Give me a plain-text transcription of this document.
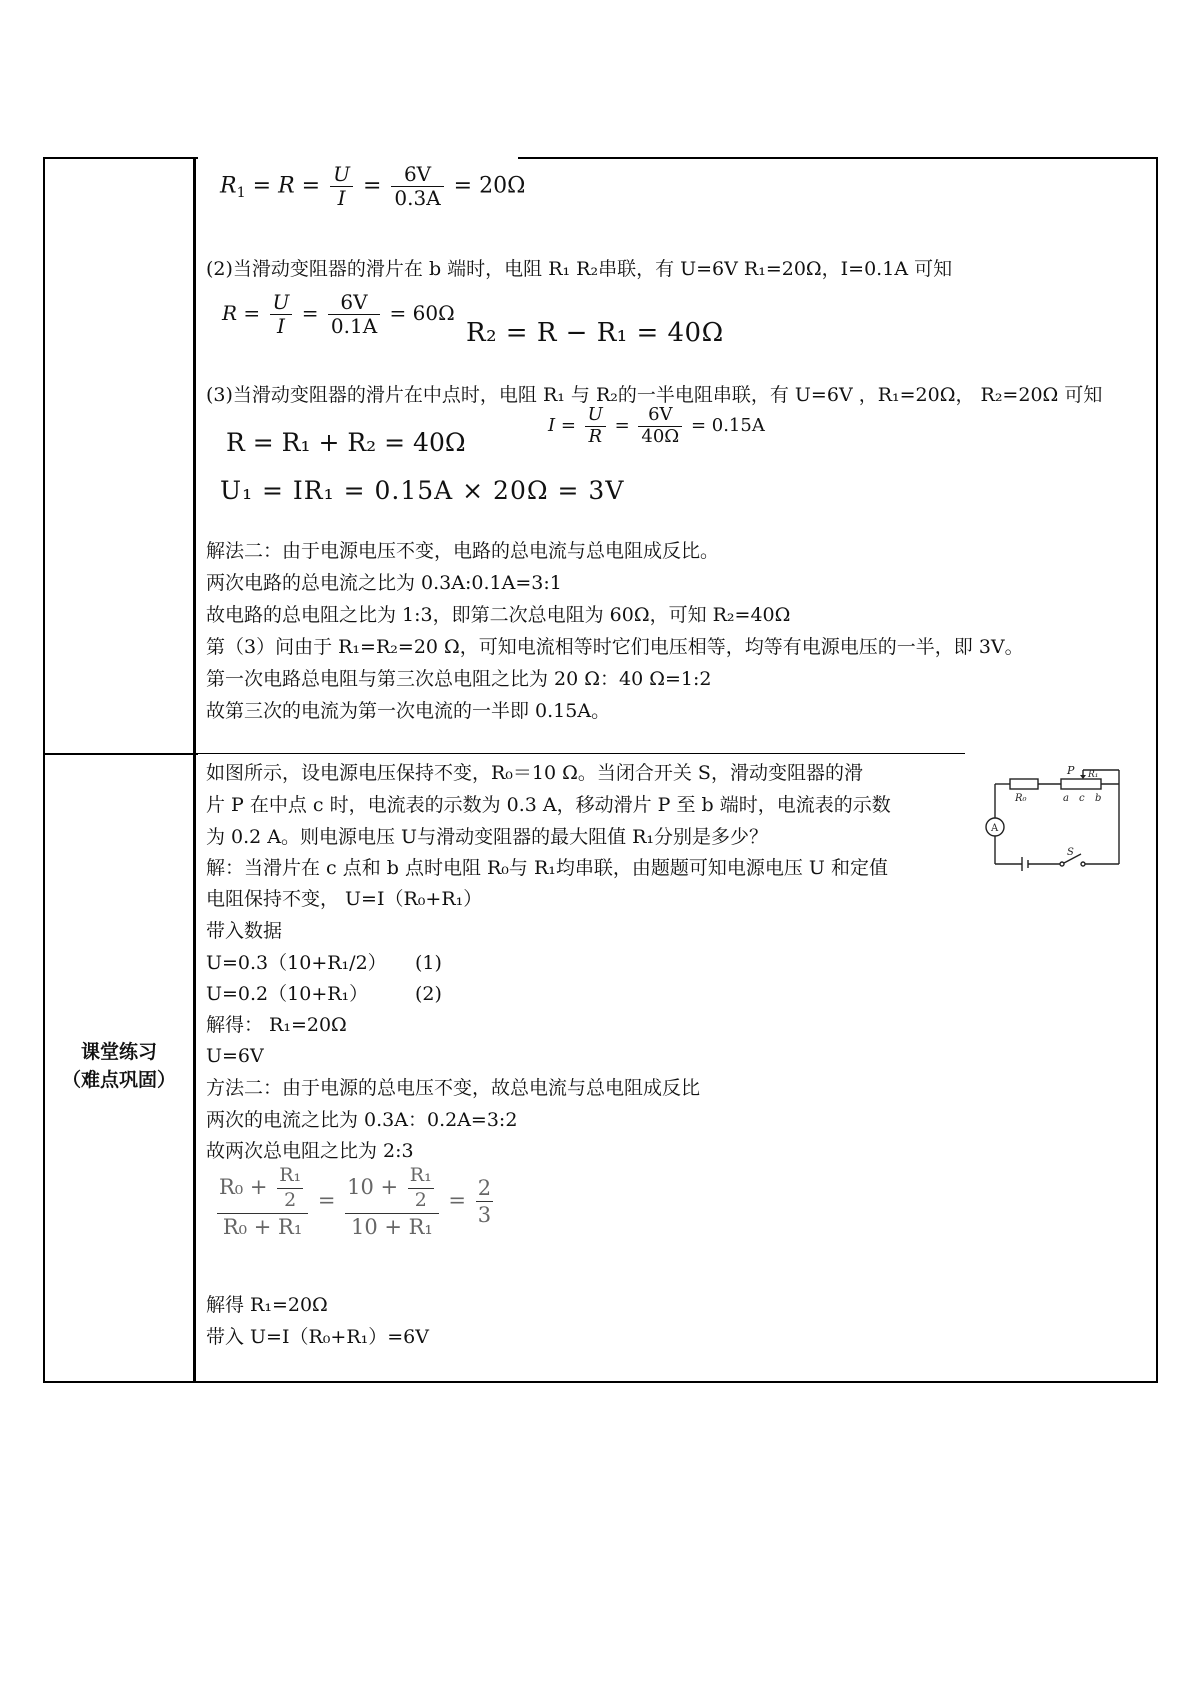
$R_1 = R = \frac{U}{I} = \frac{6V}{0.3A} = 20\Omega$
(2)当滑动变阻器的滑片在 b 端时，电阻 R₁ R₂串联，有 U=6V R₁=20Ω，I=0.1A 可知
$R = \frac{U}{I} = \frac{6V}{0.1A} = 60\Omega$
R₂ = R − R₁ = 40Ω
(3)当滑动变阻器的滑片在中点时，电阻 R₁ 与 R₂的一半电阻串联，有 U=6V ，R₁=20Ω， R₂=20Ω 可知
R = R₁ + R₂ = 40Ω
$I = \frac{U}{R} = \frac{6V}{40\Omega} = 0.15A$
U₁ = IR₁ = 0.15A × 20Ω = 3V
解法二：由于电源电压不变，电路的总电流与总电阻成反比。
两次电路的总电流之比为 0.3A:0.1A=3:1
故电路的总电阻之比为 1:3，即第二次总电阻为 60Ω，可知 R₂=40Ω
第（3）问由于 R₁=R₂=20 Ω，可知电流相等时它们电压相等，均等有电源电压的一半，即 3V。
第一次电路总电阻与第三次总电阻之比为 20 Ω：40 Ω=1:2
故第三次的电流为第一次电流的一半即 0.15A。
课堂练习
（难点巩固）
如图所示，设电源电压保持不变，R₀＝10 Ω。当闭合开关 S，滑动变阻器的滑
片 P 在中点 c 时，电流表的示数为 0.3 A，移动滑片 P 至 b 端时，电流表的示数
为 0.2 A。则电源电压 U与滑动变阻器的最大阻值 R₁分别是多少？
P R₁
R₀	a c b
A
S
解：当滑片在 c 点和 b 点时电阻 R₀与 R₁均串联，由题题可知电源电压 U 和定值
电阻保持不变， U=I（R₀+R₁）
带入数据
U=0.3（10+R₁/2） (1)
U=0.2（10+R₁） (2)
解得： R₁=20Ω
U=6V
方法二：由于电源的总电压不变，故总电流与总电阻成反比
两次的电流之比为 0.3A：0.2A=3:2
故两次总电阻之比为 2:3
$\frac{R_0 + \frac{\text{R₁}}{2}}{\text{R₀ + R₁}} = \frac{10 + \frac{\text{R₁}}{2}}{\text{10 + R₁}} = \frac{2}{3}$
解得 R₁=20Ω
带入 U=I（R₀+R₁）=6V
